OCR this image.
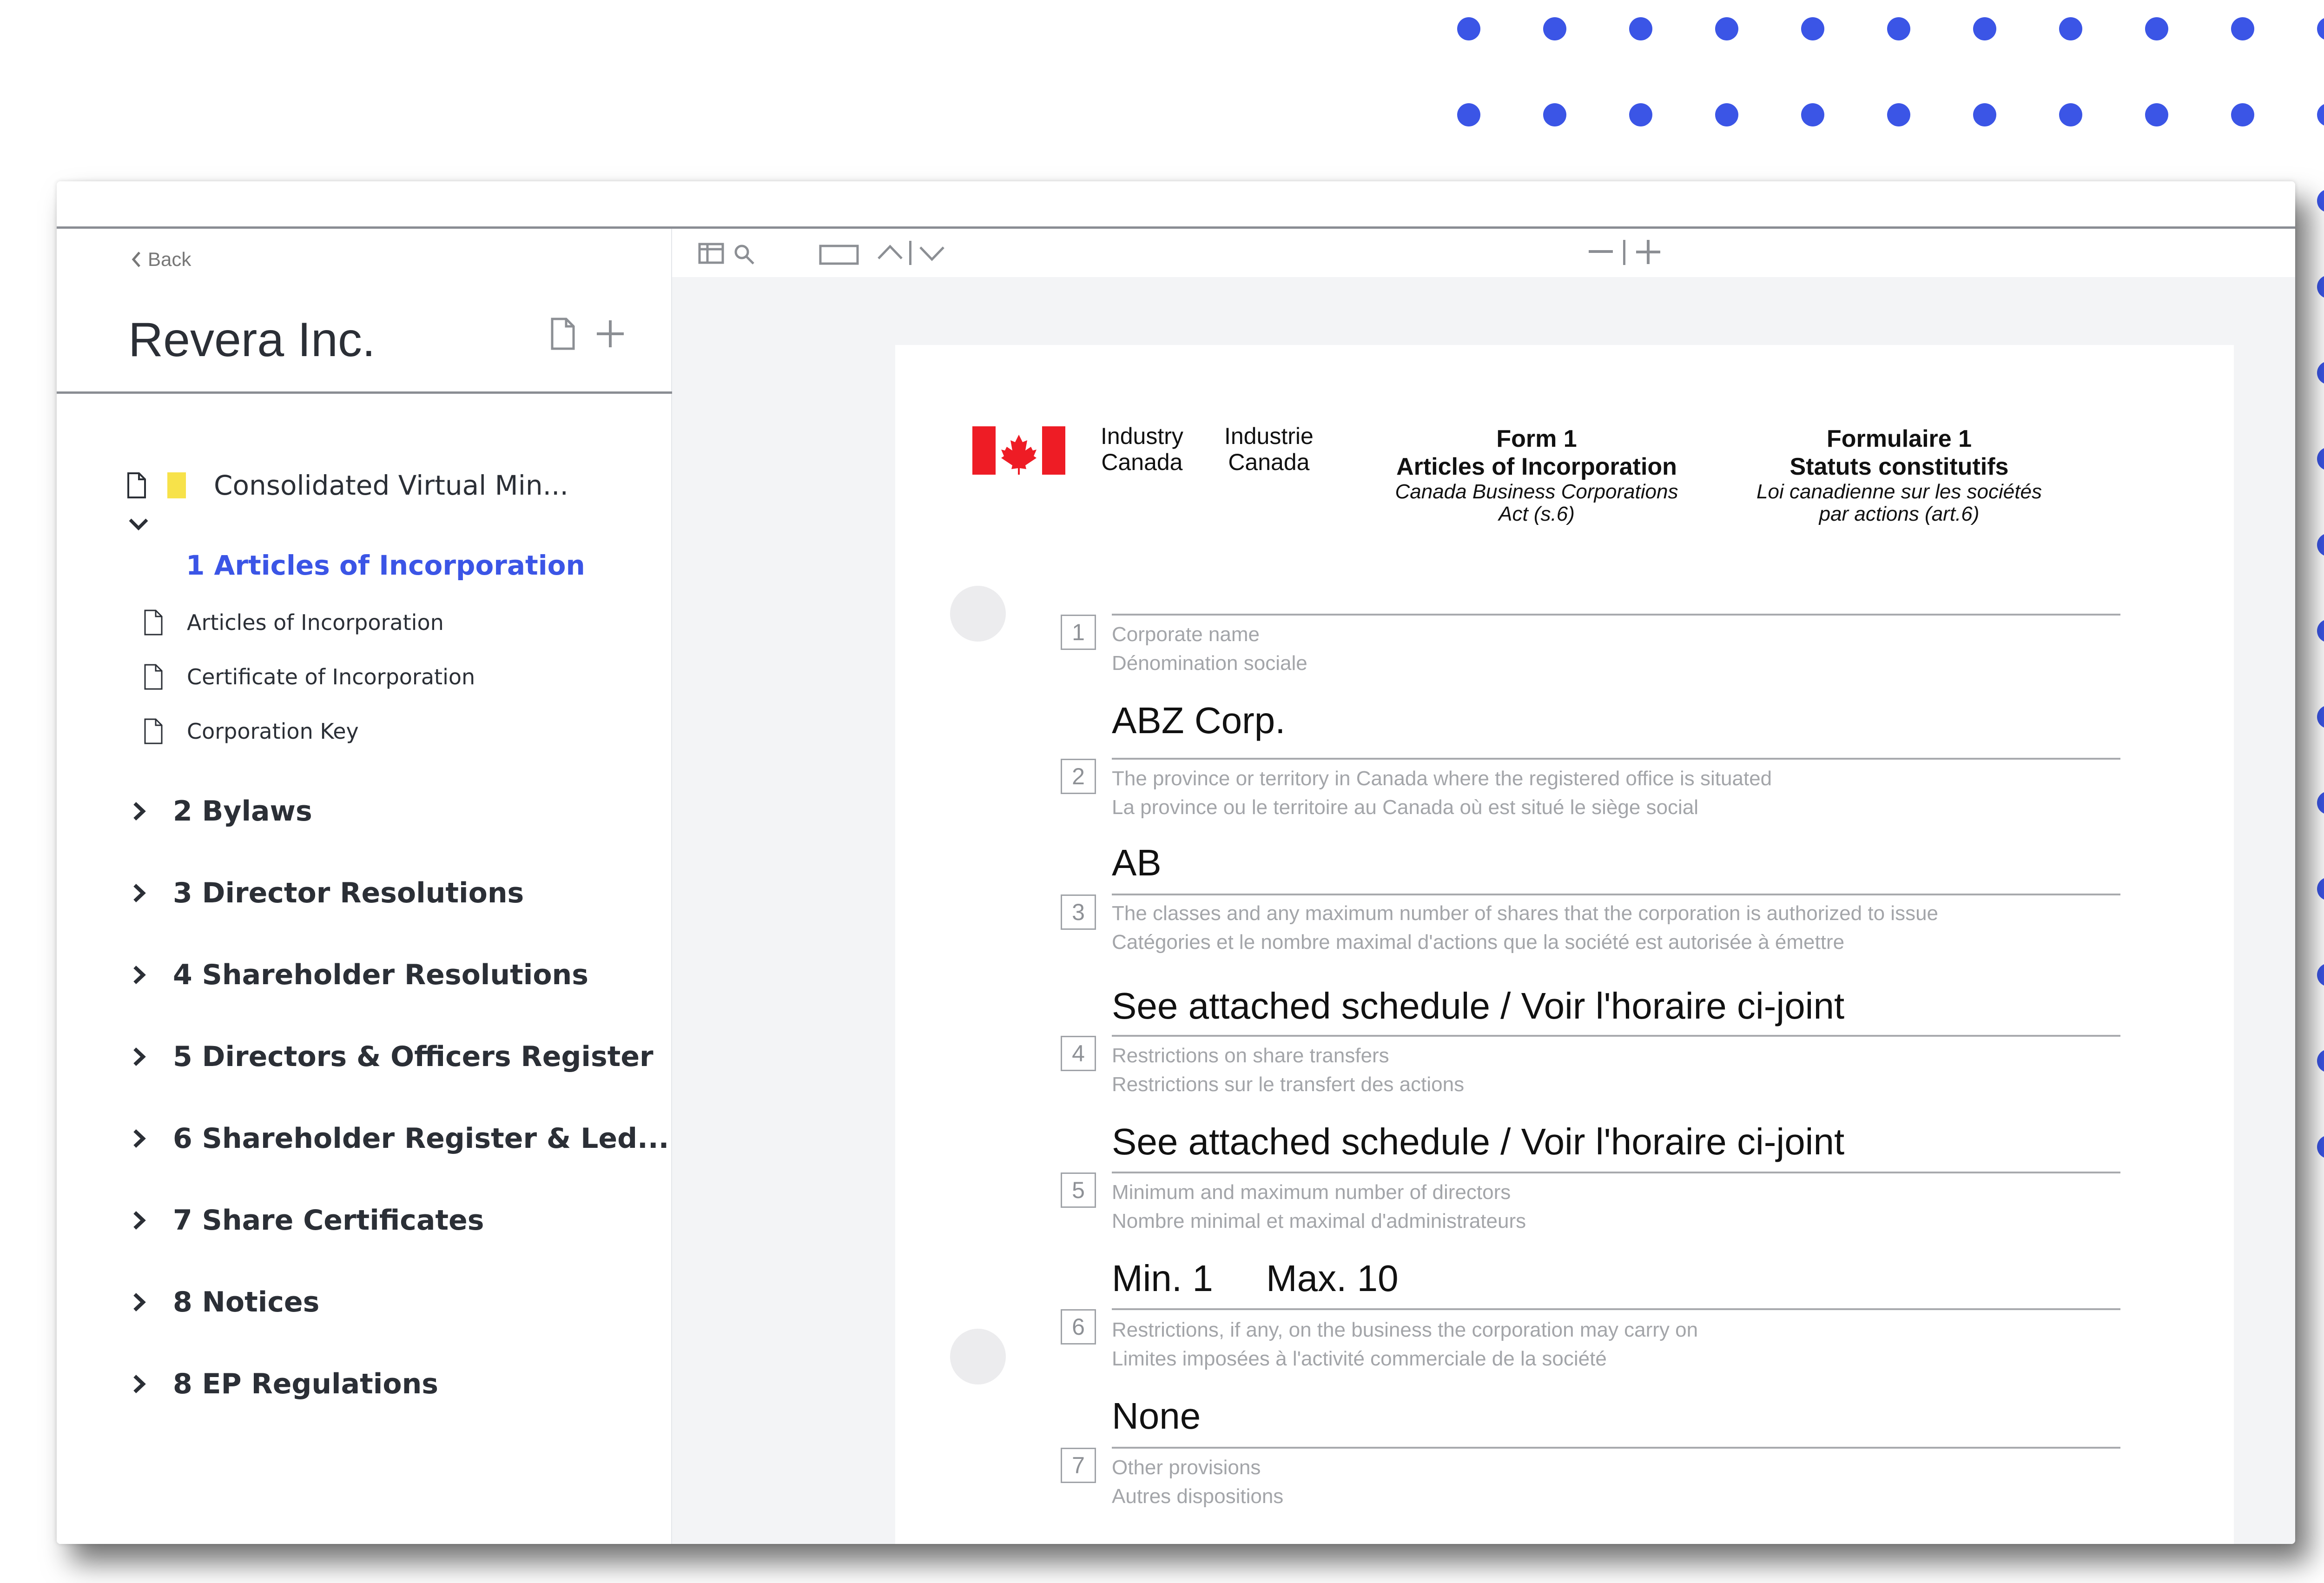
Back
Revera Inc.
Consolidated Virtual Min...
1 Articles of Incorporation
Articles of Incorporation
Certificate of Incorporation
Corporation Key
2 Bylaws
3 Director Resolutions
4 Shareholder Resolutions
5 Directors & Officers Register
6 Shareholder Register & Led...
7 Share Certificates
8 Notices
8 EP Regulations
Industry
Canada
Industrie
Canada
Form 1
Articles of Incorporation
Canada Business Corporations
Act (s.6)
Formulaire 1
Statuts constitutifs
Loi canadienne sur les sociétés
par actions (art.6)
1	Corporate name
Dénomination sociale
ABZ Corp.
2	The province or territory in Canada where the registered office is situated
La province ou le territoire au Canada où est situé le siège social
AB
3	The classes and any maximum number of shares that the corporation is authorized to issue
Catégories et le nombre maximal d'actions que la société est autorisée à émettre
See attached schedule / Voir l'horaire ci-joint
4	Restrictions on share transfers
Restrictions sur le transfert des actions
See attached schedule / Voir l'horaire ci-joint
5	Minimum and maximum number of directors
Nombre minimal et maximal d'administrateurs
Min. 1 Max. 10
6	Restrictions, if any, on the business the corporation may carry on
Limites imposées à l'activité commerciale de la société
None
7	Other provisions
Autres dispositions
